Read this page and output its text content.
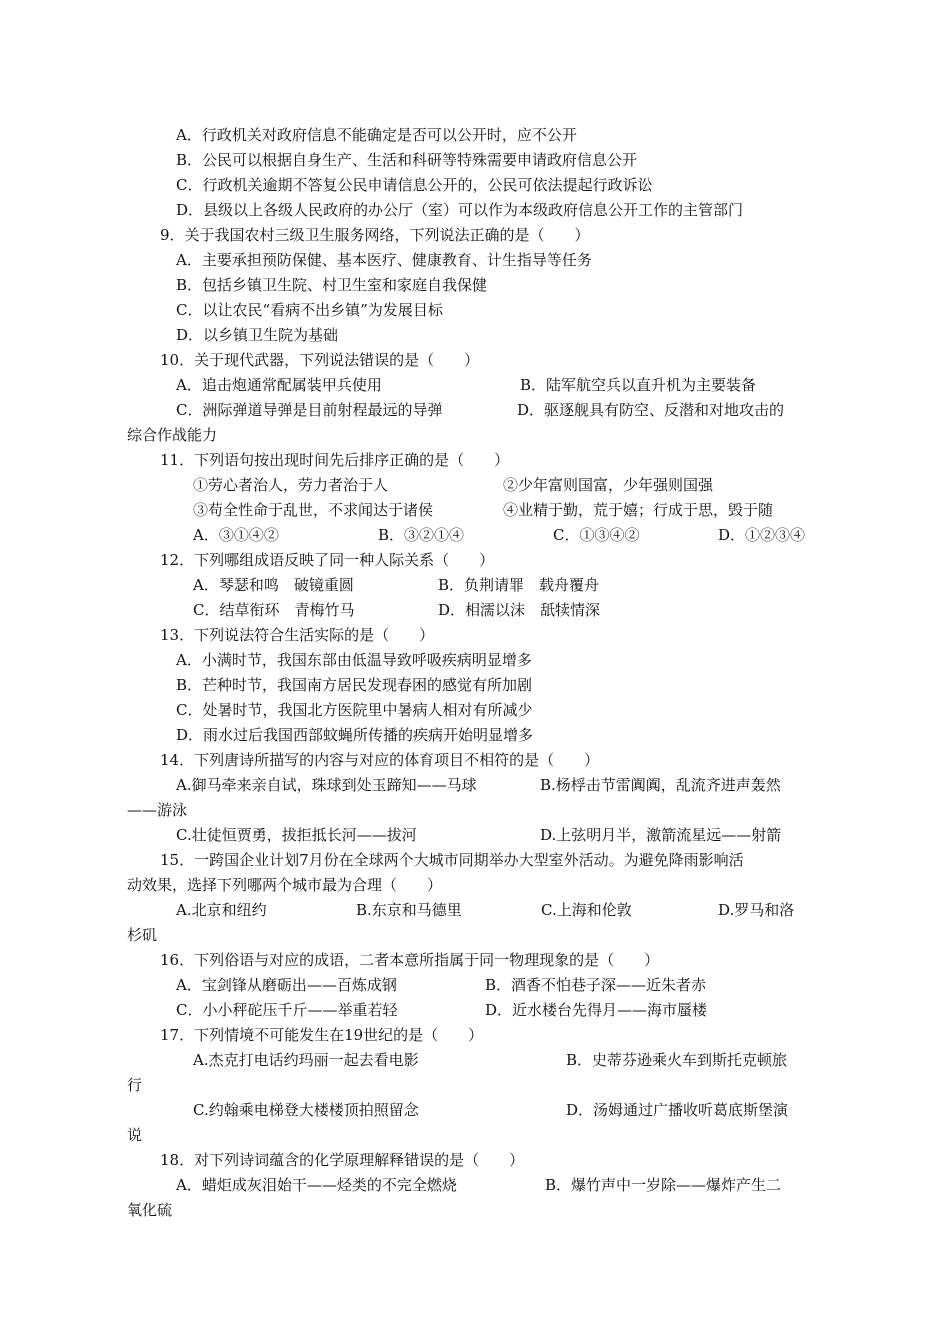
A．行政机关对政府信息不能确定是否可以公开时，应不公开
B．公民可以根据自身生产、生活和科研等特殊需要申请政府信息公开
C．行政机关逾期不答复公民申请信息公开的，公民可依法提起行政诉讼
D．县级以上各级人民政府的办公厅（室）可以作为本级政府信息公开工作的主管部门
9．关于我国农村三级卫生服务网络，下列说法正确的是（　　）
A．主要承担预防保健、基本医疗、健康教育、计生指导等任务
B．包括乡镇卫生院、村卫生室和家庭自我保健
C．以让农民“看病不出乡镇”为发展目标
D．以乡镇卫生院为基础
10．关于现代武器，下列说法错误的是（　　）
A．追击炮通常配属装甲兵使用	B．陆军航空兵以直升机为主要装备
C．洲际弹道导弹是目前射程最远的导弹	D．驱逐舰具有防空、反潜和对地攻击的
综合作战能力
11．下列语句按出现时间先后排序正确的是（　　）
①劳心者治人，劳力者治于人	②少年富则国富，少年强则国强
③苟全性命于乱世，不求闻达于诸侯	④业精于勤，荒于嬉；行成于思，毁于随
A．③①④②	B．③②①④	C．①③④②	D．①②③④
12．下列哪组成语反映了同一种人际关系（　　）
A．琴瑟和鸣　破镜重圆	B．负荆请罪　载舟覆舟
C．结草衔环　青梅竹马	D．相濡以沫　舐犊情深
13．下列说法符合生活实际的是（　　）
A．小满时节，我国东部由低温导致呼吸疾病明显增多
B．芒种时节，我国南方居民发现春困的感觉有所加剧
C．处暑时节，我国北方医院里中暑病人相对有所减少
D．雨水过后我国西部蚊蝇所传播的疾病开始明显增多
14．下列唐诗所描写的内容与对应的体育项目不相符的是（　　）
A.御马牵来亲自试，珠球到处玉蹄知——马球	B.杨桴击节雷阗阗，乱流齐进声轰然
——游泳
C.壮徒恒贾勇，拔拒抵长河——拔河	D.上弦明月半，激箭流星远——射箭
15．一跨国企业计划7月份在全球两个大城市同期举办大型室外活动。为避免降雨影响活
动效果，选择下列哪两个城市最为合理（　　）
A.北京和纽约	B.东京和马德里	C.上海和伦敦	D.罗马和洛
杉矶
16．下列俗语与对应的成语，二者本意所指属于同一物理现象的是（　　）
A．宝剑锋从磨砺出——百炼成钢	B．酒香不怕巷子深——近朱者赤
C．小小秤砣压千斤——举重若轻	D．近水楼台先得月——海市蜃楼
17．下列情境不可能发生在19世纪的是（　　）
A.杰克打电话约玛丽一起去看电影	B．史蒂芬逊乘火车到斯托克顿旅
行
C.约翰乘电梯登大楼楼顶拍照留念	D．汤姆通过广播收听葛底斯堡演
说
18．对下列诗词蕴含的化学原理解释错误的是（　　）
A．蜡炬成灰泪始干——烃类的不完全燃烧	B．爆竹声中一岁除——爆炸产生二
氧化硫
